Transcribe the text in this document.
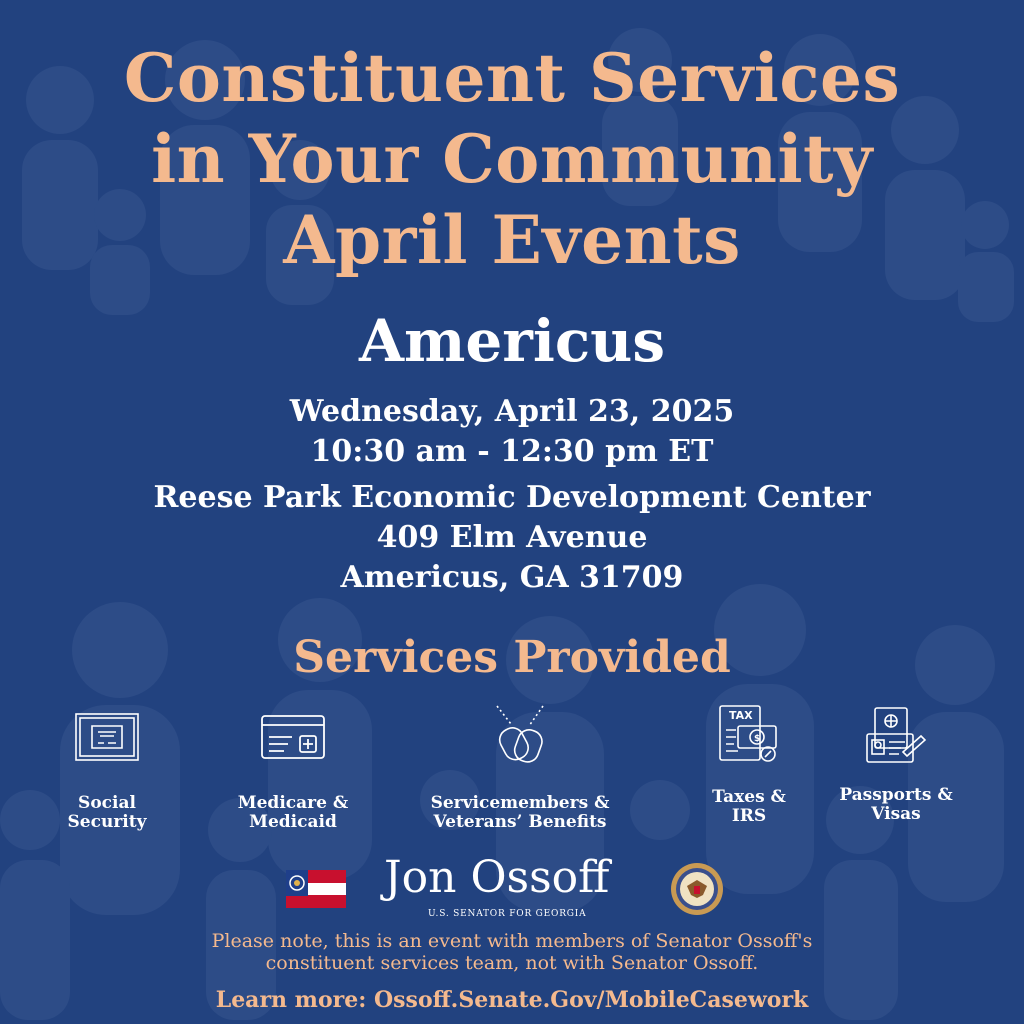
Constituent Services
in Your Community
April Events
Americus
Wednesday, April 23, 2025
10:30 am - 12:30 pm ET
Reese Park Economic Development Center
409 Elm Avenue
Americus, GA 31709
Services Provided
Social
Security
Medicare &
Medicaid
Servicemembers &
Veterans’ Benefits
TAX
$
Taxes &
IRS
Passports &
Visas
Jon Ossoff
U.S. SENATOR FOR GEORGIA
Please note, this is an event with members of Senator Ossoff's
constituent services team, not with Senator Ossoff.
Learn more: Ossoff.Senate.Gov/MobileCasework
